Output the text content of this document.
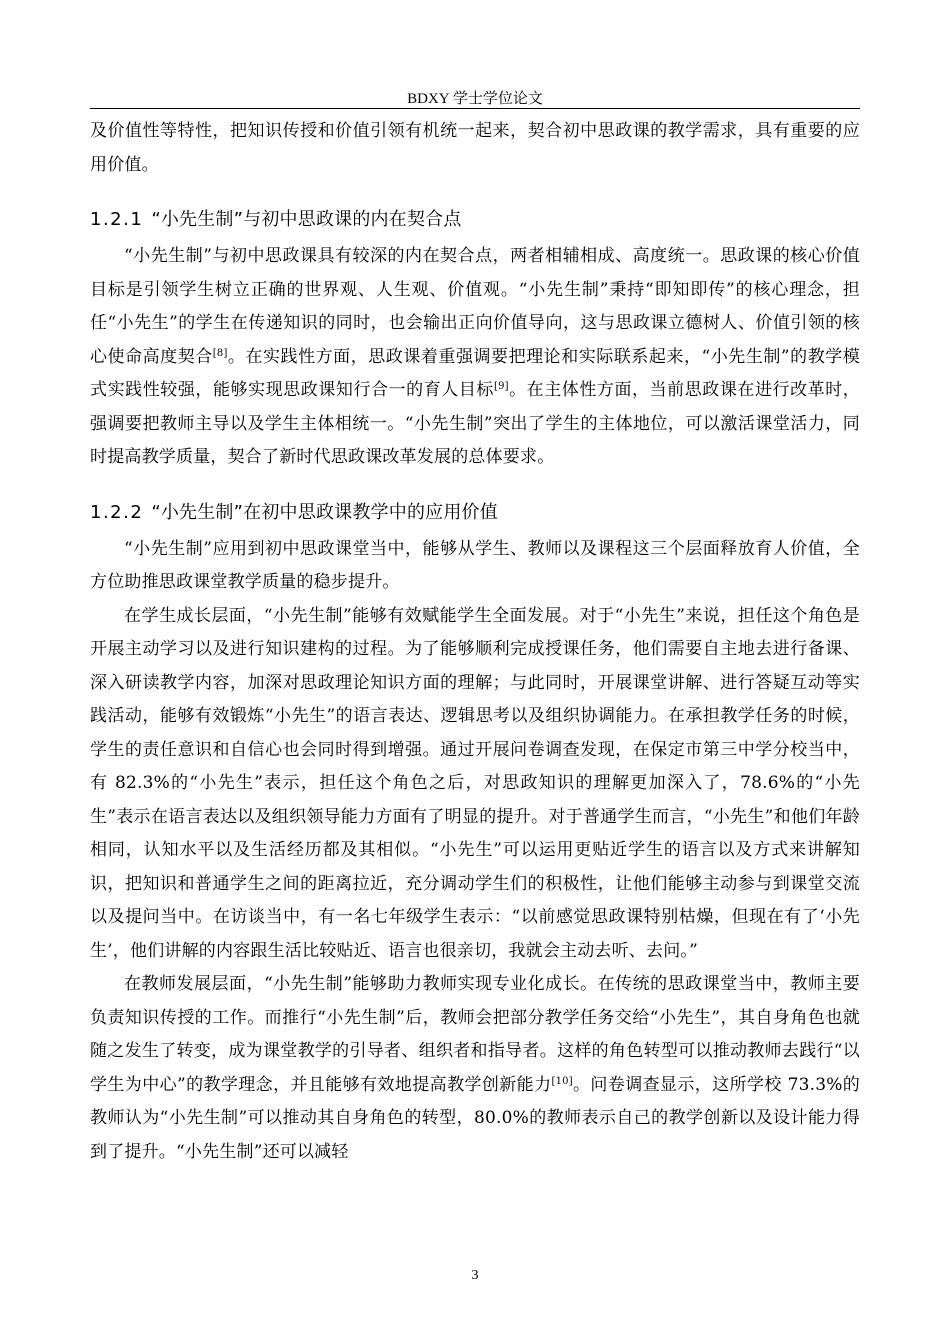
BDXY 学士学位论文

及价值性等特性，把知识传授和价值引领有机统一起来，契合初中思政课的教学需求，具有重要的应用价值。

1.2.1 “小先生制”与初中思政课的内在契合点

“小先生制”与初中思政课具有较深的内在契合点，两者相辅相成、高度统一。思政课的核心价值目标是引领学生树立正确的世界观、人生观、价值观。“小先生制”秉持“即知即传”的核心理念，担任“小先生”的学生在传递知识的同时，也会输出正向价值导向，这与思政课立德树人、价值引领的核心使命高度契合[8]。在实践性方面，思政课着重强调要把理论和实际联系起来，“小先生制”的教学模式实践性较强，能够实现思政课知行合一的育人目标[9]。在主体性方面，当前思政课在进行改革时，强调要把教师主导以及学生主体相统一。“小先生制”突出了学生的主体地位，可以激活课堂活力，同时提高教学质量，契合了新时代思政课改革发展的总体要求。

1.2.2 “小先生制”在初中思政课教学中的应用价值

“小先生制”应用到初中思政课堂当中，能够从学生、教师以及课程这三个层面释放育人价值，全方位助推思政课堂教学质量的稳步提升。

在学生成长层面，“小先生制”能够有效赋能学生全面发展。对于“小先生”来说，担任这个角色是开展主动学习以及进行知识建构的过程。为了能够顺利完成授课任务，他们需要自主地去进行备课、深入研读教学内容，加深对思政理论知识方面的理解；与此同时，开展课堂讲解、进行答疑互动等实践活动，能够有效锻炼“小先生”的语言表达、逻辑思考以及组织协调能力。在承担教学任务的时候，学生的责任意识和自信心也会同时得到增强。通过开展问卷调查发现，在保定市第三中学分校当中，有 82.3%的“小先生”表示，担任这个角色之后，对思政知识的理解更加深入了，78.6%的“小先生”表示在语言表达以及组织领导能力方面有了明显的提升。对于普通学生而言，“小先生”和他们年龄相同，认知水平以及生活经历都及其相似。“小先生”可以运用更贴近学生的语言以及方式来讲解知识，把知识和普通学生之间的距离拉近，充分调动学生们的积极性，让他们能够主动参与到课堂交流以及提问当中。在访谈当中，有一名七年级学生表示：“以前感觉思政课特别枯燥，但现在有了‘小先生’，他们讲解的内容跟生活比较贴近、语言也很亲切，我就会主动去听、去问。”

在教师发展层面，“小先生制”能够助力教师实现专业化成长。在传统的思政课堂当中，教师主要负责知识传授的工作。而推行“小先生制”后，教师会把部分教学任务交给“小先生”，其自身角色也就随之发生了转变，成为课堂教学的引导者、组织者和指导者。这样的角色转型可以推动教师去践行“以学生为中心”的教学理念，并且能够有效地提高教学创新能力[10]。问卷调查显示，这所学校 73.3%的教师认为“小先生制”可以推动其自身角色的转型，80.0%的教师表示自己的教学创新以及设计能力得到了提升。“小先生制”还可以减轻

3
